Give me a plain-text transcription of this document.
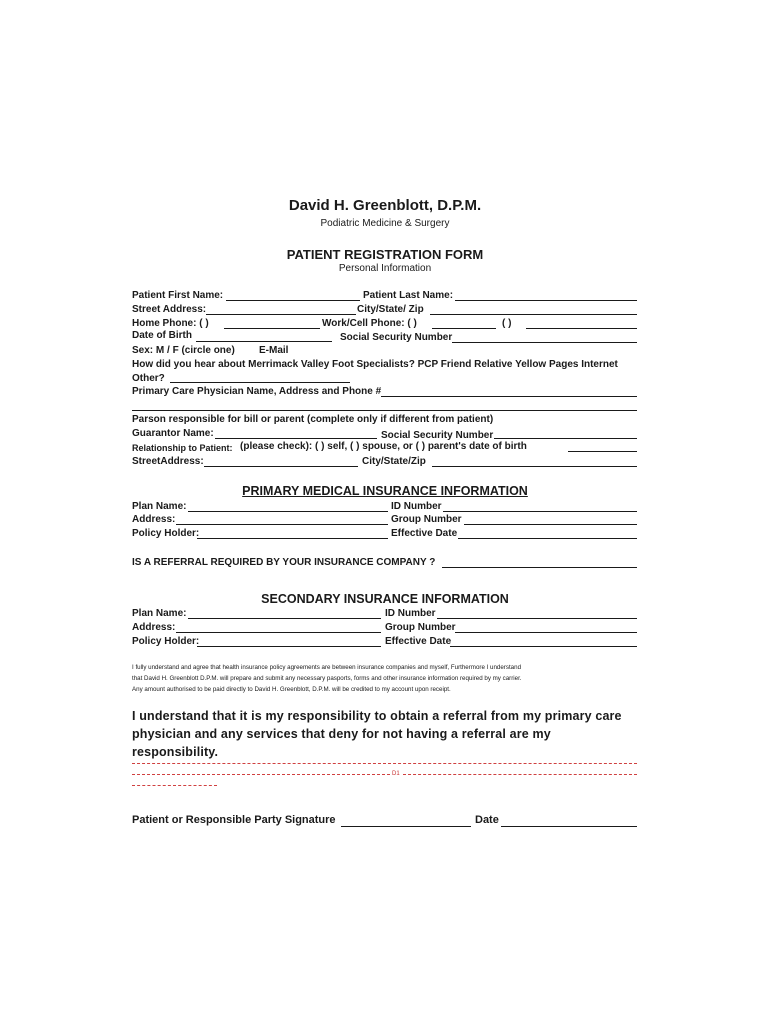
David H. Greenblott, D.P.M.
Podiatric Medicine & Surgery
PATIENT REGISTRATION FORM
Personal Information
Patient First Name:	Patient Last Name:
Street Address:	City/State/ Zip
Home Phone: ( )	Work/Cell Phone: ( )	( )
Date of Birth	Social Security Number
Sex: M / F (circle one) E-Mail
How did you hear about Merrimack Valley Foot Specialists? PCP Friend Relative Yellow Pages Internet
Other?
Primary Care Physician Name, Address and Phone #
Parson responsible for bill or parent (complete only if different from patient)
Guarantor Name:	Social Security Number
Relationship to Patient: (please check): ( ) self, ( ) spouse, or ( ) parent's date of birth
StreetAddress:	City/State/Zip
PRIMARY MEDICAL INSURANCE INFORMATION
Plan Name:	ID Number
Address:	Group Number
Policy Holder:	Effective Date
IS A REFERRAL REQUIRED BY YOUR INSURANCE COMPANY ?
SECONDARY INSURANCE INFORMATION
Plan Name:	ID Number
Address:	Group Number
Policy Holder:	Effective Date
I fully understand and agree that health insurance policy agreements are between insurance companies and myself, Furthermore I understand
that David H. Greenblott D.P.M. will prepare and submit any necessary pasports, forms and other insurance information required by my carrier.
Any amount authorised to be paid directly to David H. Greenblott, D.P.M. will be credited to my account upon receipt.
I understand that it is my responsibility to obtain a referral from my primary care
physician and any services that deny for not having a referral are my
responsibility.
D1
Patient or Responsible Party Signature	Date
